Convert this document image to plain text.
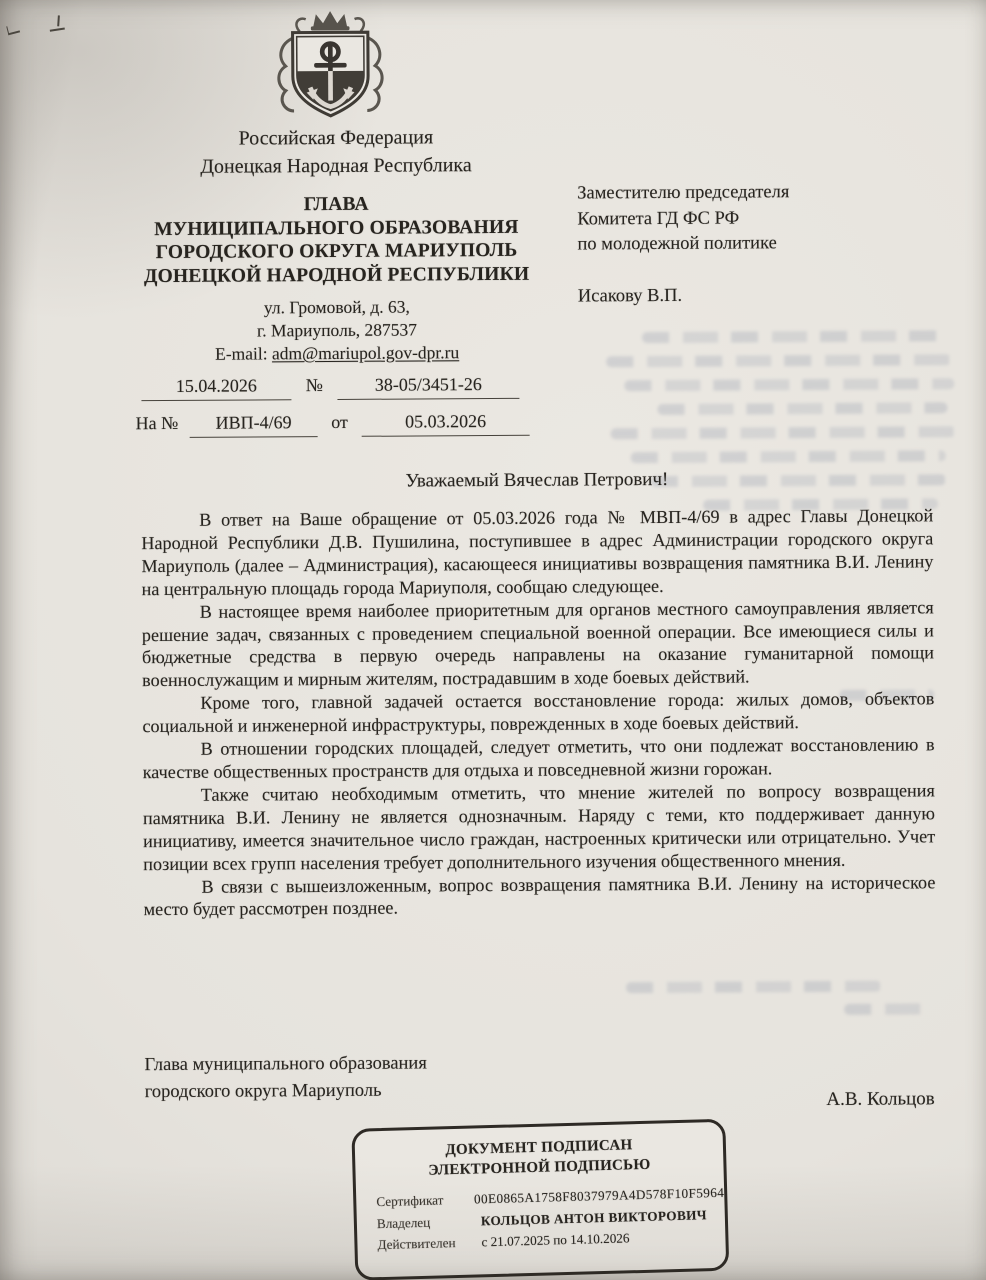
Российская Федерация
Донецкая Народная Республика
ГЛАВА
МУНИЦИПАЛЬНОГО ОБРАЗОВАНИЯ
ГОРОДСКОГО ОКРУГА МАРИУПОЛЬ
ДОНЕЦКОЙ НАРОДНОЙ РЕСПУБЛИКИ
ул. Громовой, д. 63,
г. Мариуполь, 287537
E-mail: adm@mariupol.gov-dpr.ru
Заместителю председателя
Комитета ГД ФС РФ
по молодежной политике
Исакову В.П.
15.04.2026	№	38-05/3451-26
На №	ИВП-4/69	от	05.03.2026
Уважаемый Вячеслав Петрович!

В ответ на Ваше обращение от 05.03.2026 года № МВП-4/69 в адрес Главы Донецкой Народной Республики Д.В. Пушилина, поступившее в адрес Администрации городского округа Мариуполь (далее – Администрация), касающееся инициативы возвращения памятника В.И. Ленину на центральную площадь города Мариуполя, сообщаю следующее.

В настоящее время наиболее приоритетным для органов местного самоуправления является решение задач, связанных с проведением специальной военной операции. Все имеющиеся силы и бюджетные средства в первую очередь направлены на оказание гуманитарной помощи военнослужащим и мирным жителям, пострадавшим в ходе боевых действий.

Кроме того, главной задачей остается восстановление города: жилых домов, объектов социальной и инженерной инфраструктуры, поврежденных в ходе боевых действий.

В отношении городских площадей, следует отметить, что они подлежат восстановлению в качестве общественных пространств для отдыха и повседневной жизни горожан.

Также считаю необходимым отметить, что мнение жителей по вопросу возвращения памятника В.И. Ленину не является однозначным. Наряду с теми, кто поддерживает данную инициативу, имеется значительное число граждан, настроенных критически или отрицательно. Учет позиции всех групп населения требует дополнительного изучения общественного мнения.

В связи с вышеизложенным, вопрос возвращения памятника В.И. Ленину на историческое место будет рассмотрен позднее.

Глава муниципального образования
городского округа Мариуполь	А.В. Кольцов
ДОКУМЕНТ ПОДПИСАН
ЭЛЕКТРОННОЙ ПОДПИСЬЮ
Сертификат	00E0865A1758F8037979A4D578F10F5964
Владелец	КОЛЬЦОВ АНТОН ВИКТОРОВИЧ
Действителен	с 21.07.2025 по 14.10.2026
